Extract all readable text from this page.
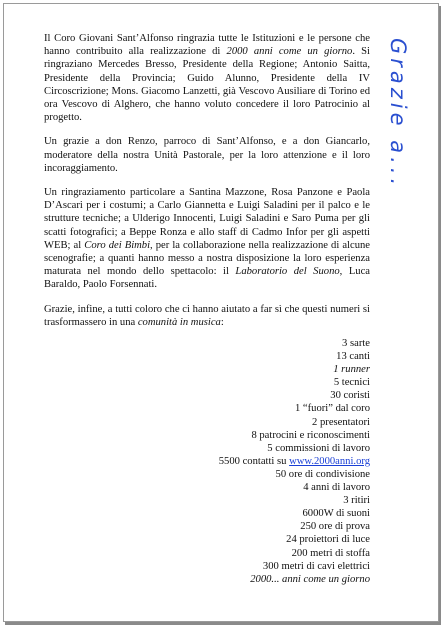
Il Coro Giovani Sant’Alfonso ringrazia tutte le Istituzioni e le persone che hanno contribuito alla realizzazione di 2000 anni come un giorno. Si ringraziano Mercedes Bresso, Presidente della Regione; Antonio Saitta, Presidente della Provincia; Guido Alunno, Presidente della IV Circoscrizione; Mons. Giacomo Lanzetti, già Vescovo Ausiliare di Torino ed ora Vescovo di Alghero, che hanno voluto concedere il loro Patrocinio al progetto.

Un grazie a don Renzo, parroco di Sant’Alfonso, e a don Giancarlo, moderatore della nostra Unità Pastorale, per la loro attenzione e il loro incoraggiamento.

Un ringraziamento particolare a Santina Mazzone, Rosa Panzone e Paola D’Ascari per i costumi; a Carlo Giannetta e Luigi Saladini per il palco e le strutture tecniche; a Ulderigo Innocenti, Luigi Saladini e Saro Puma per gli scatti fotografici; a Beppe Ronza e allo staff di Cadmo Infor per gli aspetti WEB; al Coro dei Bimbi, per la collaborazione nella realizzazione di alcune scenografie; a quanti hanno messo a nostra disposizione la loro esperienza maturata nel mondo dello spettacolo: il Laboratorio del Suono, Luca Baraldo, Paolo Forsennati.

Grazie, infine, a tutti coloro che ci hanno aiutato a far sì che questi numeri si trasformassero in una comunità in musica:

3 sarte
13 canti
1 runner
5 tecnici
30 coristi
1 “fuori” dal coro
2 presentatori
8 patrocini e riconoscimenti
5 commissioni di lavoro
5500 contatti su www.2000anni.org
50 ore di condivisione
4 anni di lavoro
3 ritiri
6000W di suoni
250 ore di prova
24 proiettori di luce
200 metri di stoffa
300 metri di cavi elettrici
2000... anni come un giorno
Grazie a...
